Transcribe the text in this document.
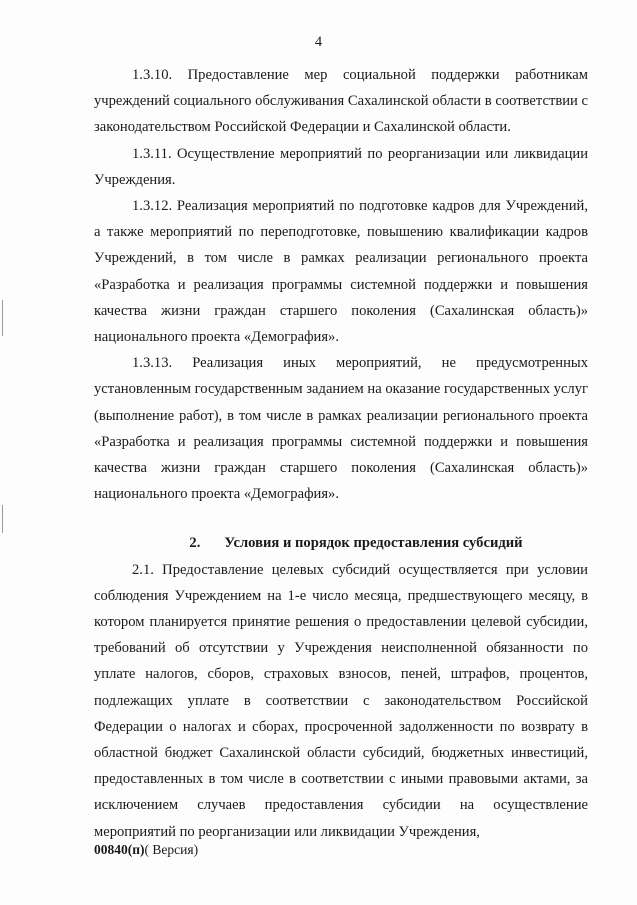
4

1.3.10. Предоставление мер социальной поддержки работникам учреждений социального обслуживания Сахалинской области в соответствии с законодательством Российской Федерации и Сахалинской области.

1.3.11. Осуществление мероприятий по реорганизации или ликвидации Учреждения.

1.3.12. Реализация мероприятий по подготовке кадров для Учреждений, а также мероприятий по переподготовке, повышению квалификации кадров Учреждений, в том числе в рамках реализации регионального проекта «Разработка и реализация программы системной поддержки и повышения качества жизни граждан старшего поколения (Сахалинская область)» национального проекта «Демография».

1.3.13. Реализация иных мероприятий, не предусмотренных установленным государственным заданием на оказание государственных услуг (выполнение работ), в том числе в рамках реализации регионального проекта «Разработка и реализация программы системной поддержки и повышения качества жизни граждан старшего поколения (Сахалинская область)» национального проекта «Демография».

2. Условия и порядок предоставления субсидий

2.1. Предоставление целевых субсидий осуществляется при условии соблюдения Учреждением на 1-е число месяца, предшествующего месяцу, в котором планируется принятие решения о предоставлении целевой субсидии, требований об отсутствии у Учреждения неисполненной обязанности по уплате налогов, сборов, страховых взносов, пеней, штрафов, процентов, подлежащих уплате в соответствии с законодательством Российской Федерации о налогах и сборах, просроченной задолженности по возврату в областной бюджет Сахалинской области субсидий, бюджетных инвестиций, предоставленных в том числе в соответствии с иными правовыми актами, за исключением случаев предоставления субсидии на осуществление мероприятий по реорганизации или ликвидации Учреждения,

00840(п)( Версия)
